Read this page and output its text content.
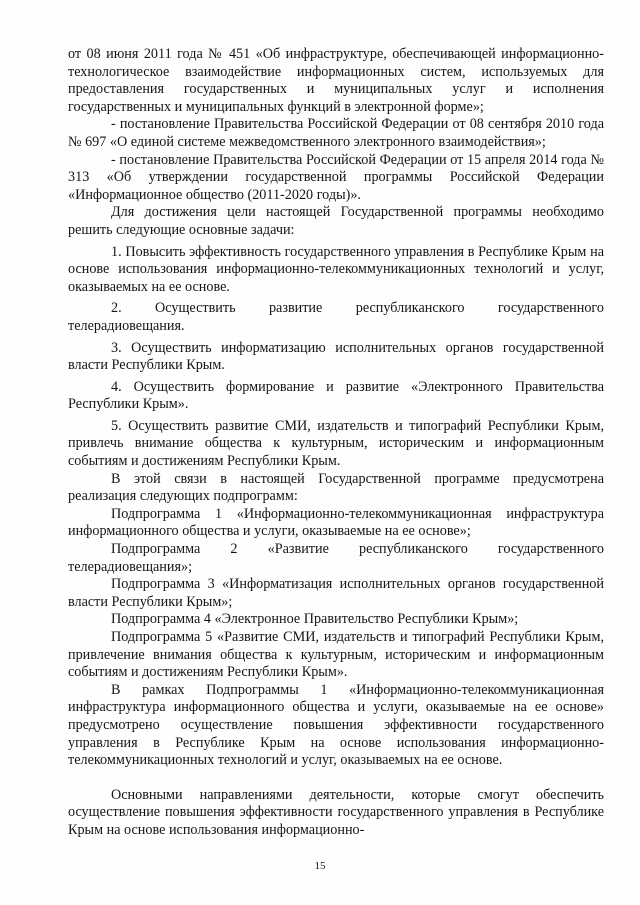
от 08 июня 2011 года № 451 «Об инфраструктуре, обеспечивающей информационно-технологическое взаимодействие информационных систем, используемых для предоставления государственных и муниципальных услуг и исполнения государственных и муниципальных функций в электронной форме»;

- постановление Правительства Российской Федерации от 08 сентября 2010 года № 697 «О единой системе межведомственного электронного взаимодействия»;

- постановление Правительства Российской Федерации от 15 апреля 2014 года № 313 «Об утверждении государственной программы Российской Федерации «Информационное общество (2011-2020 годы)».

Для достижения цели настоящей Государственной программы необходимо решить следующие основные задачи:

1. Повысить эффективность государственного управления в Республике Крым на основе использования информационно-телекоммуникационных технологий и услуг, оказываемых на ее основе.

2. Осуществить развитие республиканского государственного телерадиовещания.

3. Осуществить информатизацию исполнительных органов государственной власти Республики Крым.

4. Осуществить формирование и развитие «Электронного Правительства Республики Крым».

5. Осуществить развитие СМИ, издательств и типографий Республики Крым, привлечь внимание общества к культурным, историческим и информационным событиям и достижениям Республики Крым.

В этой связи в настоящей Государственной программе предусмотрена реализация следующих подпрограмм:

Подпрограмма 1 «Информационно-телекоммуникационная инфраструктура информационного общества и услуги, оказываемые на ее основе»;

Подпрограмма 2 «Развитие республиканского государственного телерадиовещания»;

Подпрограмма 3 «Информатизация исполнительных органов государственной власти Республики Крым»;

Подпрограмма 4 «Электронное Правительство Республики Крым»;

Подпрограмма 5 «Развитие СМИ, издательств и типографий Республики Крым, привлечение внимания общества к культурным, историческим и информационным событиям и достижениям Республики Крым».

В рамках Подпрограммы 1 «Информационно-телекоммуникационная инфраструктура информационного общества и услуги, оказываемые на ее основе» предусмотрено осуществление повышения эффективности государственного управления в Республике Крым на основе использования информационно-телекоммуникационных технологий и услуг, оказываемых на ее основе.

Основными направлениями деятельности, которые смогут обеспечить осуществление повышения эффективности государственного управления в Республике Крым на основе использования информационно-

15
